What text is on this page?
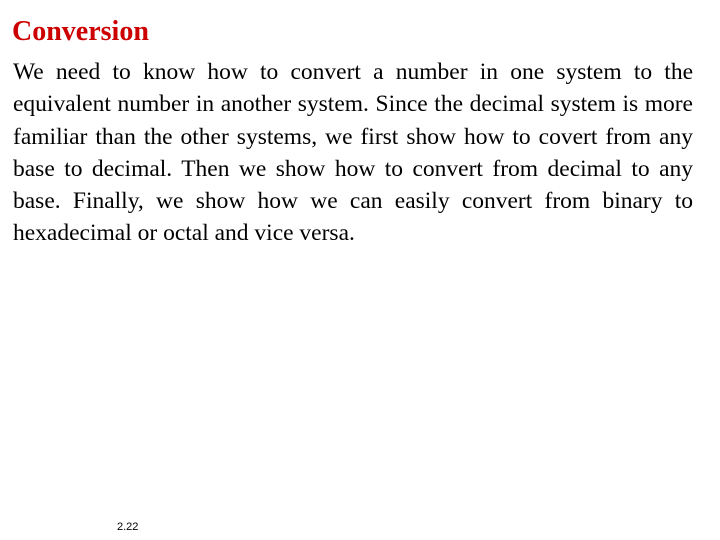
Conversion

We need to know how to convert a number in one system to the equivalent number in another system. Since the decimal system is more familiar than the other systems, we first show how to covert from any base to decimal. Then we show how to convert from decimal to any base. Finally, we show how we can easily convert from binary to hexadecimal or octal and vice versa.

2.22
